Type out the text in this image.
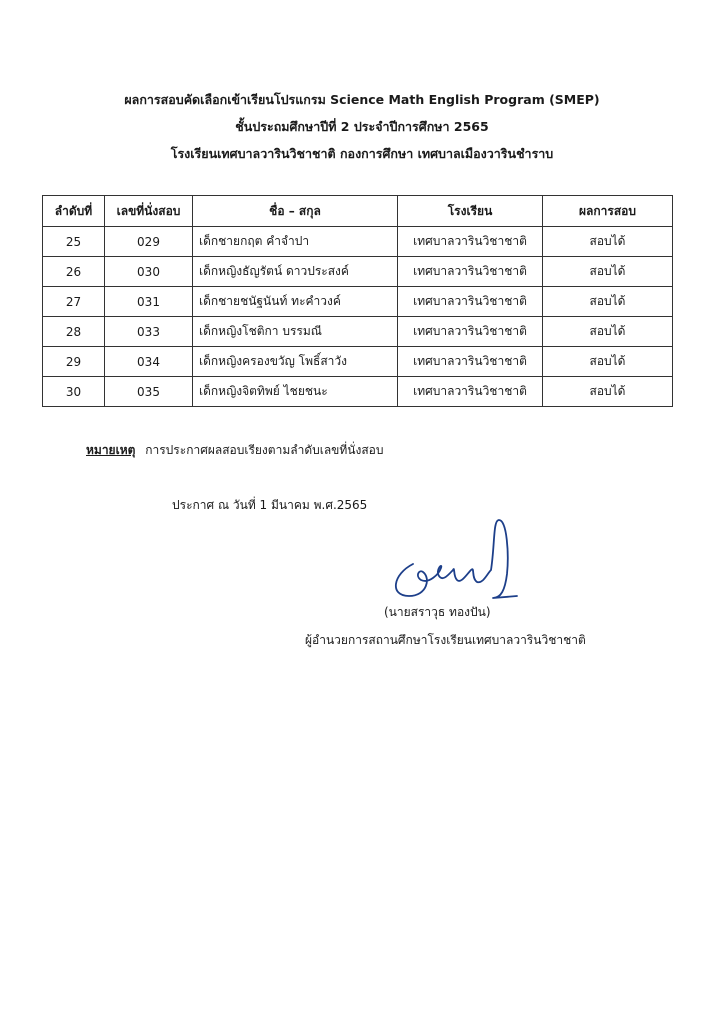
ผลการสอบคัดเลือกเข้าเรียนโปรแกรม Science Math English Program (SMEP)
ชั้นประถมศึกษาปีที่ 2 ประจำปีการศึกษา 2565
โรงเรียนเทศบาลวารินวิชาชาติ กองการศึกษา เทศบาลเมืองวารินชำราบ
ลำดับที่	เลขที่นั่งสอบ	ชื่อ – สกุล	โรงเรียน	ผลการสอบ
25	029	เด็กชายกฤต คำจำปา	เทศบาลวารินวิชาชาติ	สอบได้
26	030	เด็กหญิงธัญรัตน์ ดาวประสงค์	เทศบาลวารินวิชาชาติ	สอบได้
27	031	เด็กชายชนัฐนันท์ ทะคำวงค์	เทศบาลวารินวิชาชาติ	สอบได้
28	033	เด็กหญิงโชติกา บรรมณี	เทศบาลวารินวิชาชาติ	สอบได้
29	034	เด็กหญิงครองขวัญ โพธิ์สาวัง	เทศบาลวารินวิชาชาติ	สอบได้
30	035	เด็กหญิงจิตทิพย์ ไชยชนะ	เทศบาลวารินวิชาชาติ	สอบได้
หมายเหตุ การประกาศผลสอบเรียงตามลำดับเลขที่นั่งสอบ
ประกาศ ณ วันที่ 1 มีนาคม พ.ศ.2565
(นายสราวุธ ทองปัน)
ผู้อำนวยการสถานศึกษาโรงเรียนเทศบาลวารินวิชาชาติ
